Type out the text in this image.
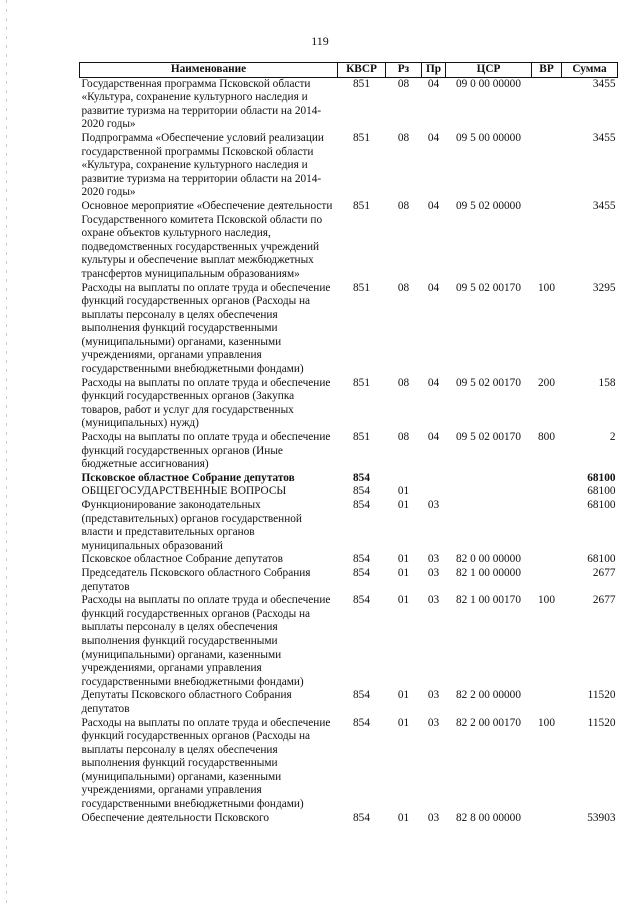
119
Наименование	КВСР	Рз	Пр	ЦСР	ВР	Сумма
Государственная программа Псковской области «Культура, сохранение культурного наследия и развитие туризма на территории области на 2014-2020 годы»	851	08	04	09 0 00 00000		3455
Подпрограмма «Обеспечение условий реализации государственной программы Псковской области «Культура, сохранение культурного наследия и развитие туризма на территории области на 2014-2020 годы»	851	08	04	09 5 00 00000		3455
Основное мероприятие «Обеспечение деятельности Государственного комитета Псковской области по охране объектов культурного наследия, подведомственных государственных учреждений культуры и обеспечение выплат межбюджетных трансфертов муниципальным образованиям»	851	08	04	09 5 02 00000		3455
Расходы на выплаты по оплате труда и обеспечение функций государственных органов (Расходы на выплаты персоналу в целях обеспечения выполнения функций государственными (муниципальными) органами, казенными учреждениями, органами управления государственными внебюджетными фондами)	851	08	04	09 5 02 00170	100	3295
Расходы на выплаты по оплате труда и обеспечение функций государственных органов (Закупка товаров, работ и услуг для государственных (муниципальных) нужд)	851	08	04	09 5 02 00170	200	158
Расходы на выплаты по оплате труда и обеспечение функций государственных органов (Иные бюджетные ассигнования)	851	08	04	09 5 02 00170	800	2
Псковское областное Собрание депутатов	854					68100
ОБЩЕГОСУДАРСТВЕННЫЕ ВОПРОСЫ	854	01				68100
Функционирование законодательных (представительных) органов государственной власти и представительных органов муниципальных образований	854	01	03			68100
Псковское областное Собрание депутатов	854	01	03	82 0 00 00000		68100
Председатель Псковского областного Собрания депутатов	854	01	03	82 1 00 00000		2677
Расходы на выплаты по оплате труда и обеспечение функций государственных органов (Расходы на выплаты персоналу в целях обеспечения выполнения функций государственными (муниципальными) органами, казенными учреждениями, органами управления государственными внебюджетными фондами)	854	01	03	82 1 00 00170	100	2677
Депутаты Псковского областного Собрания депутатов	854	01	03	82 2 00 00000		11520
Расходы на выплаты по оплате труда и обеспечение функций государственных органов (Расходы на выплаты персоналу в целях обеспечения выполнения функций государственными (муниципальными) органами, казенными учреждениями, органами управления государственными внебюджетными фондами)	854	01	03	82 2 00 00170	100	11520
Обеспечение деятельности Псковского	854	01	03	82 8 00 00000		53903
